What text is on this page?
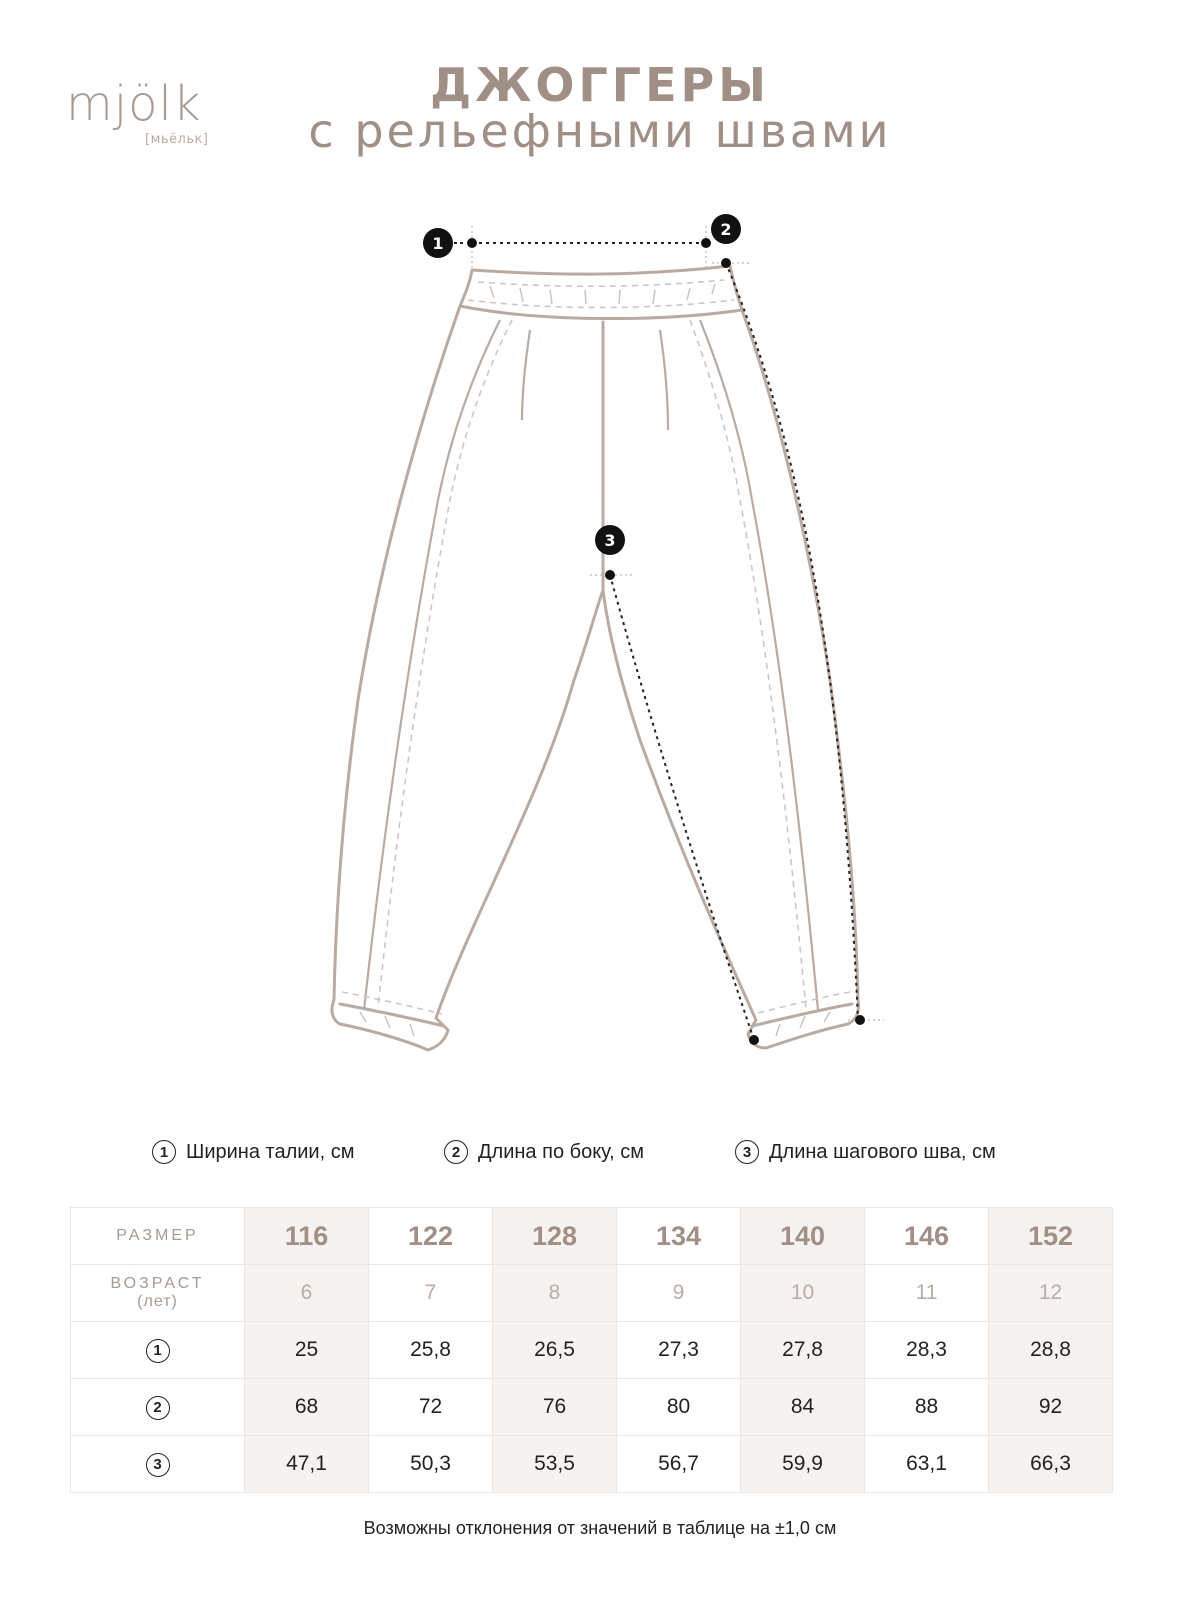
mjölk
[мьёльк]
ДЖОГГЕРЫ
с рельефными швами
1
2
3
1 Ширина талии, см	2 Длина по боку, см	3 Длина шагового шва, см
РАЗМЕР	116	122	128	134	140	146	152

ВОЗРАСТ
(лет)	6	7	8	9	10	11	12
1	25	25,8	26,5	27,3	27,8	28,3	28,8
2	68	72	76	80	84	88	92
3	47,1	50,3	53,5	56,7	59,9	63,1	66,3
Возможны отклонения от значений в таблице на ±1,0 см
